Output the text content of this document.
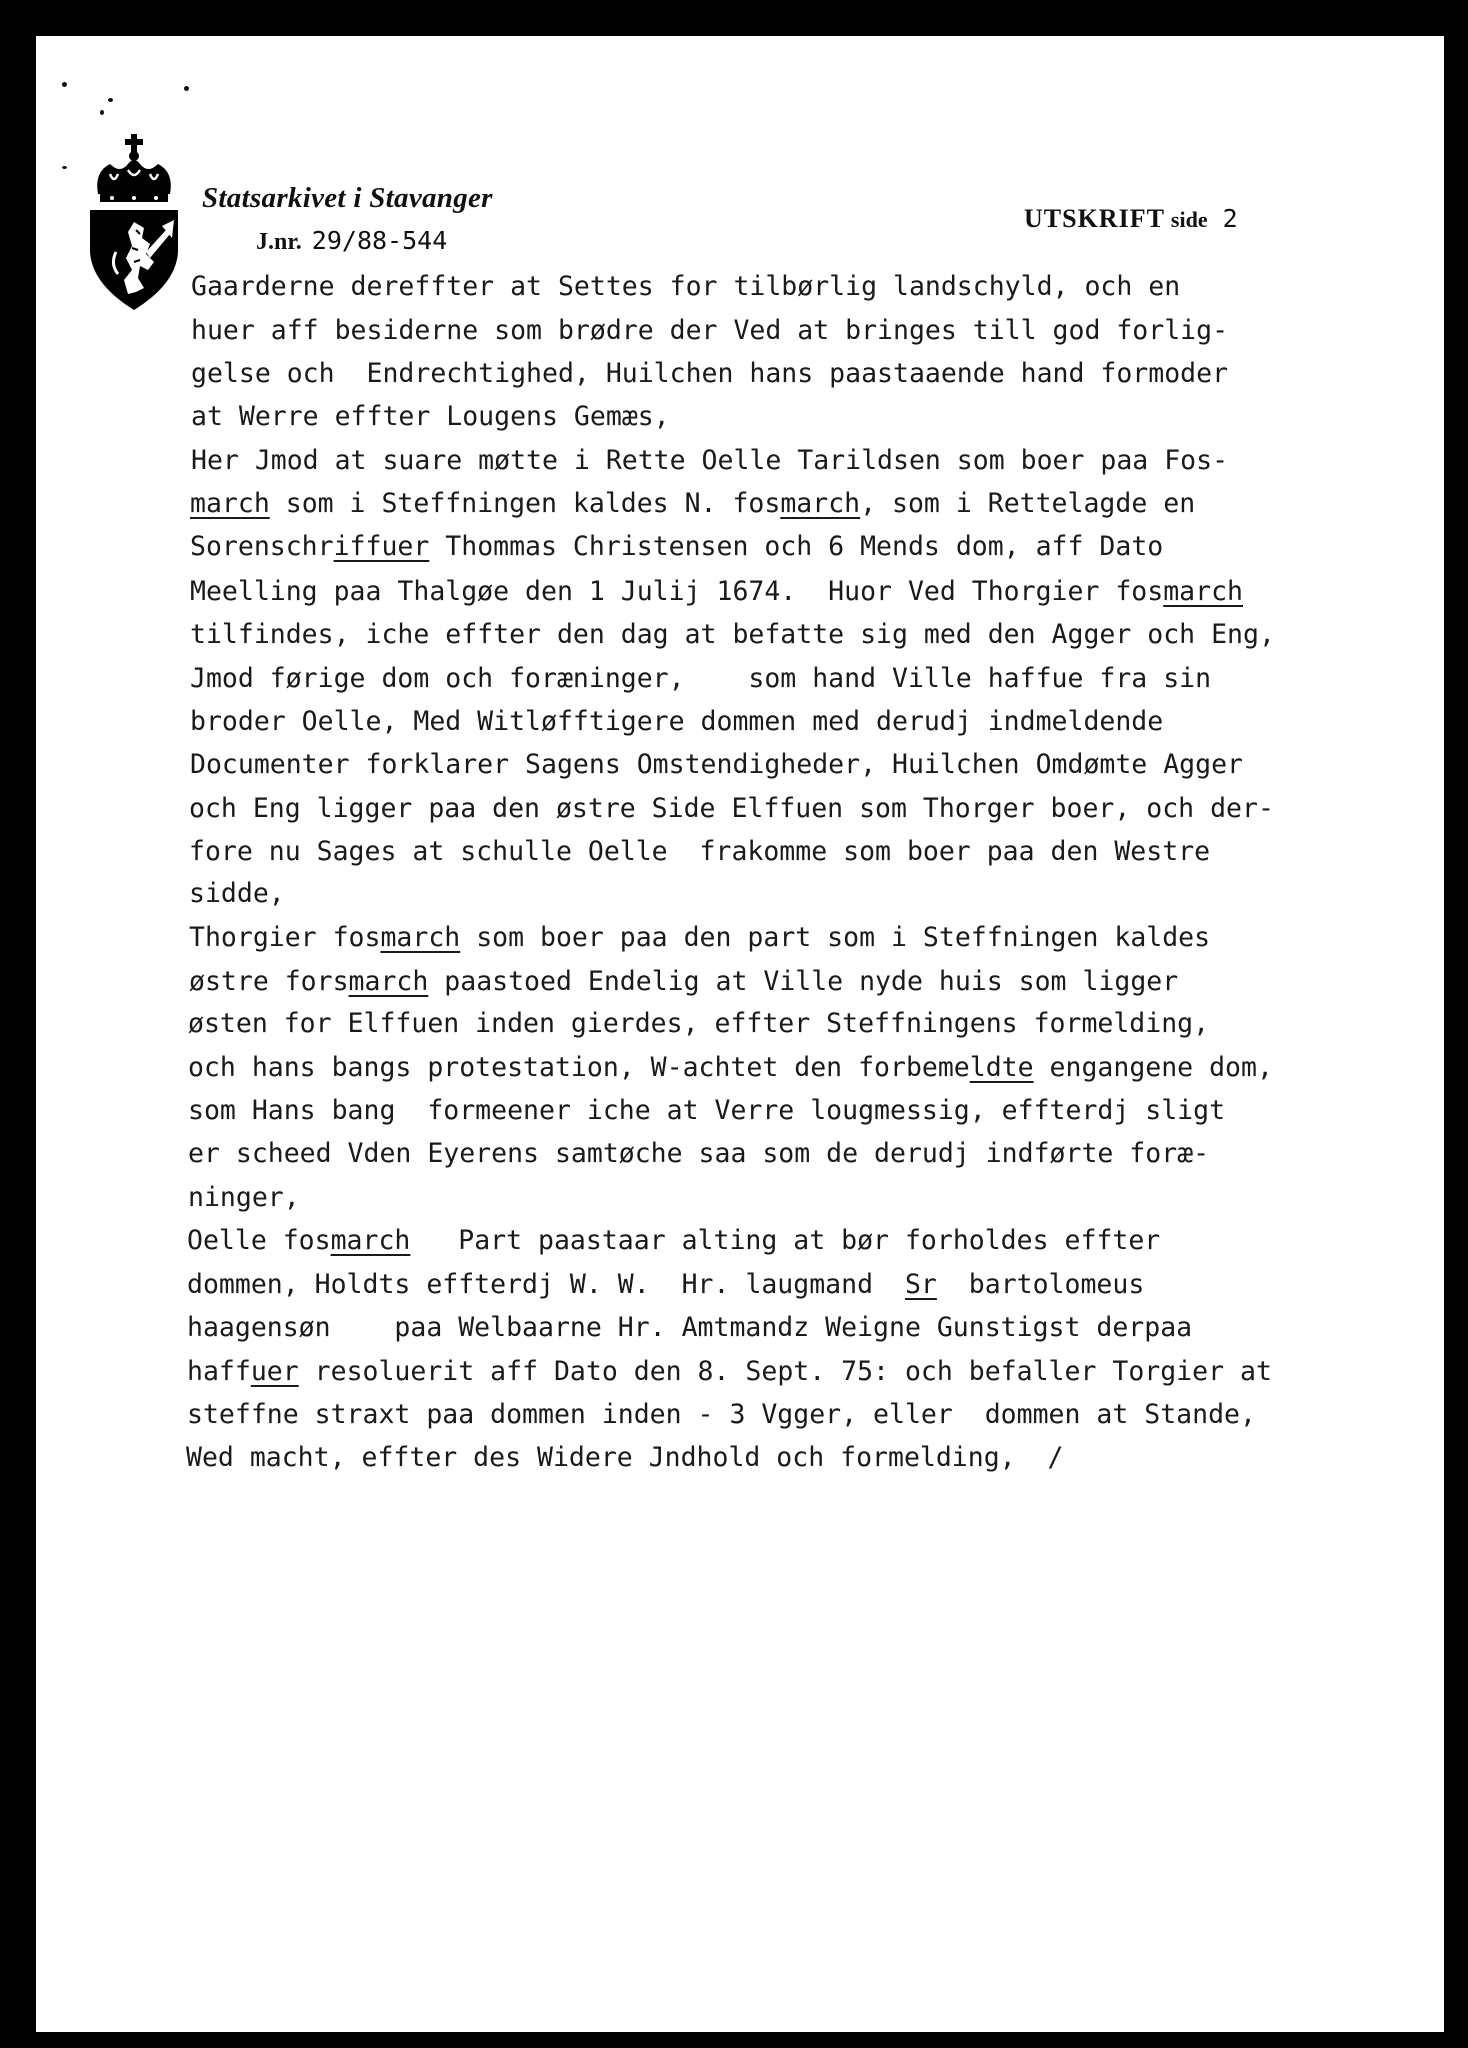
Statsarkivet i Stavanger
J.nr. 29/88-544
UTSKRIFT side 2
Gaarderne dereffter at Settes for tilbørlig landschyld, och en
huer aff besiderne som brødre der Ved at bringes till god forlig-
gelse och  Endrechtighed, Huilchen hans paastaaende hand formoder
at Werre effter Lougens Gemæs,
Her Jmod at suare møtte i Rette Oelle Tarildsen som boer paa Fos-
march som i Steffningen kaldes N. fosmarch, som i Rettelagde en
Sorenschriffuer Thommas Christensen och 6 Mends dom, aff Dato
Meelling paa Thalgøe den 1 Julij 1674.  Huor Ved Thorgier fosmarch
tilfindes, iche effter den dag at befatte sig med den Agger och Eng,
Jmod førige dom och foræninger,    som hand Ville haffue fra sin
broder Oelle, Med Witløfftigere dommen med derudj indmeldende
Documenter forklarer Sagens Omstendigheder, Huilchen Omdømte Agger
och Eng ligger paa den østre Side Elffuen som Thorger boer, och der-
fore nu Sages at schulle Oelle  frakomme som boer paa den Westre
sidde,
Thorgier fosmarch som boer paa den part som i Steffningen kaldes
østre forsmarch paastoed Endelig at Ville nyde huis som ligger
østen for Elffuen inden gierdes, effter Steffningens formelding,
och hans bangs protestation, W-achtet den forbemeldte engangene dom,
som Hans bang  formeener iche at Verre lougmessig, effterdj sligt
er scheed Vden Eyerens samtøche saa som de derudj indførte foræ-
ninger,
Oelle fosmarch   Part paastaar alting at bør forholdes effter
dommen, Holdts effterdj W. W.  Hr. laugmand  Sr  bartolomeus
haagensøn    paa Welbaarne Hr. Amtmandz Weigne Gunstigst derpaa
haffuer resoluerit aff Dato den 8. Sept. 75: och befaller Torgier at
steffne straxt paa dommen inden - 3 Vgger, eller  dommen at Stande,
Wed macht, effter des Widere Jndhold och formelding,  /
